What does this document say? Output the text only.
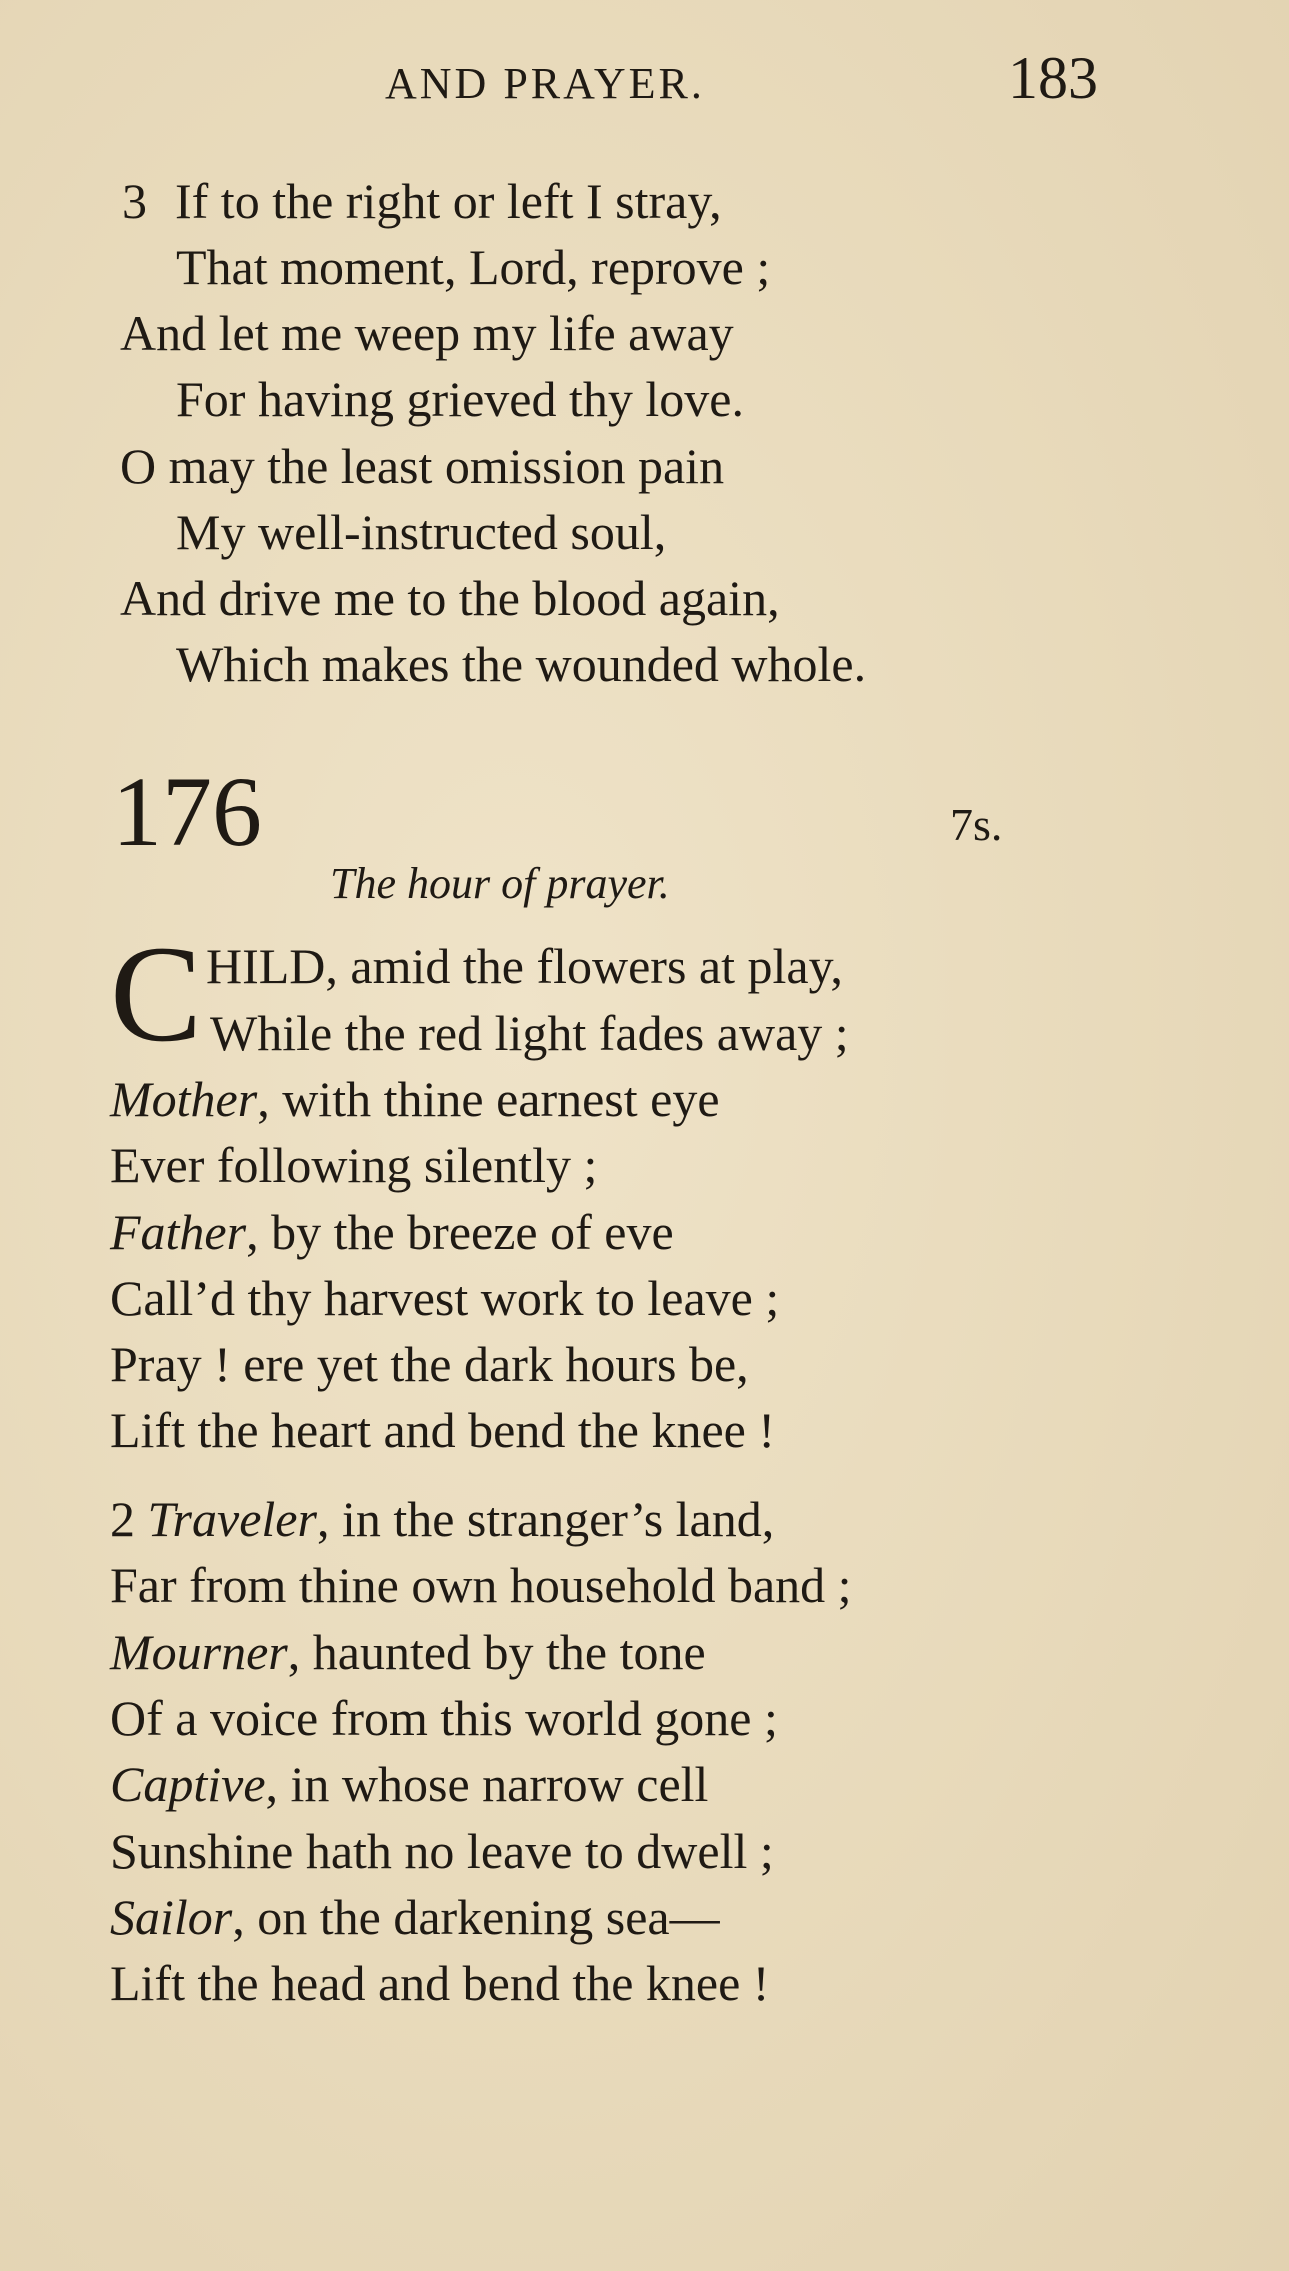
AND PRAYER.	183
3 If to the right or left I stray,
That moment, Lord, reprove ;
And let me weep my life away
For having grieved thy love.
O may the least omission pain
My well-instructed soul,
And drive me to the blood again,
Which makes the wounded whole.
176	7s.
The hour of prayer.
C HILD, amid the flowers at play,
While the red light fades away ;
Mother, with thine earnest eye
Ever following silently ;
Father, by the breeze of eve
Call’d thy harvest work to leave ;
Pray ! ere yet the dark hours be,
Lift the heart and bend the knee !
2 Traveler, in the stranger’s land,
Far from thine own household band ;
Mourner, haunted by the tone
Of a voice from this world gone ;
Captive, in whose narrow cell
Sunshine hath no leave to dwell ;
Sailor, on the darkening sea—
Lift the head and bend the knee !
